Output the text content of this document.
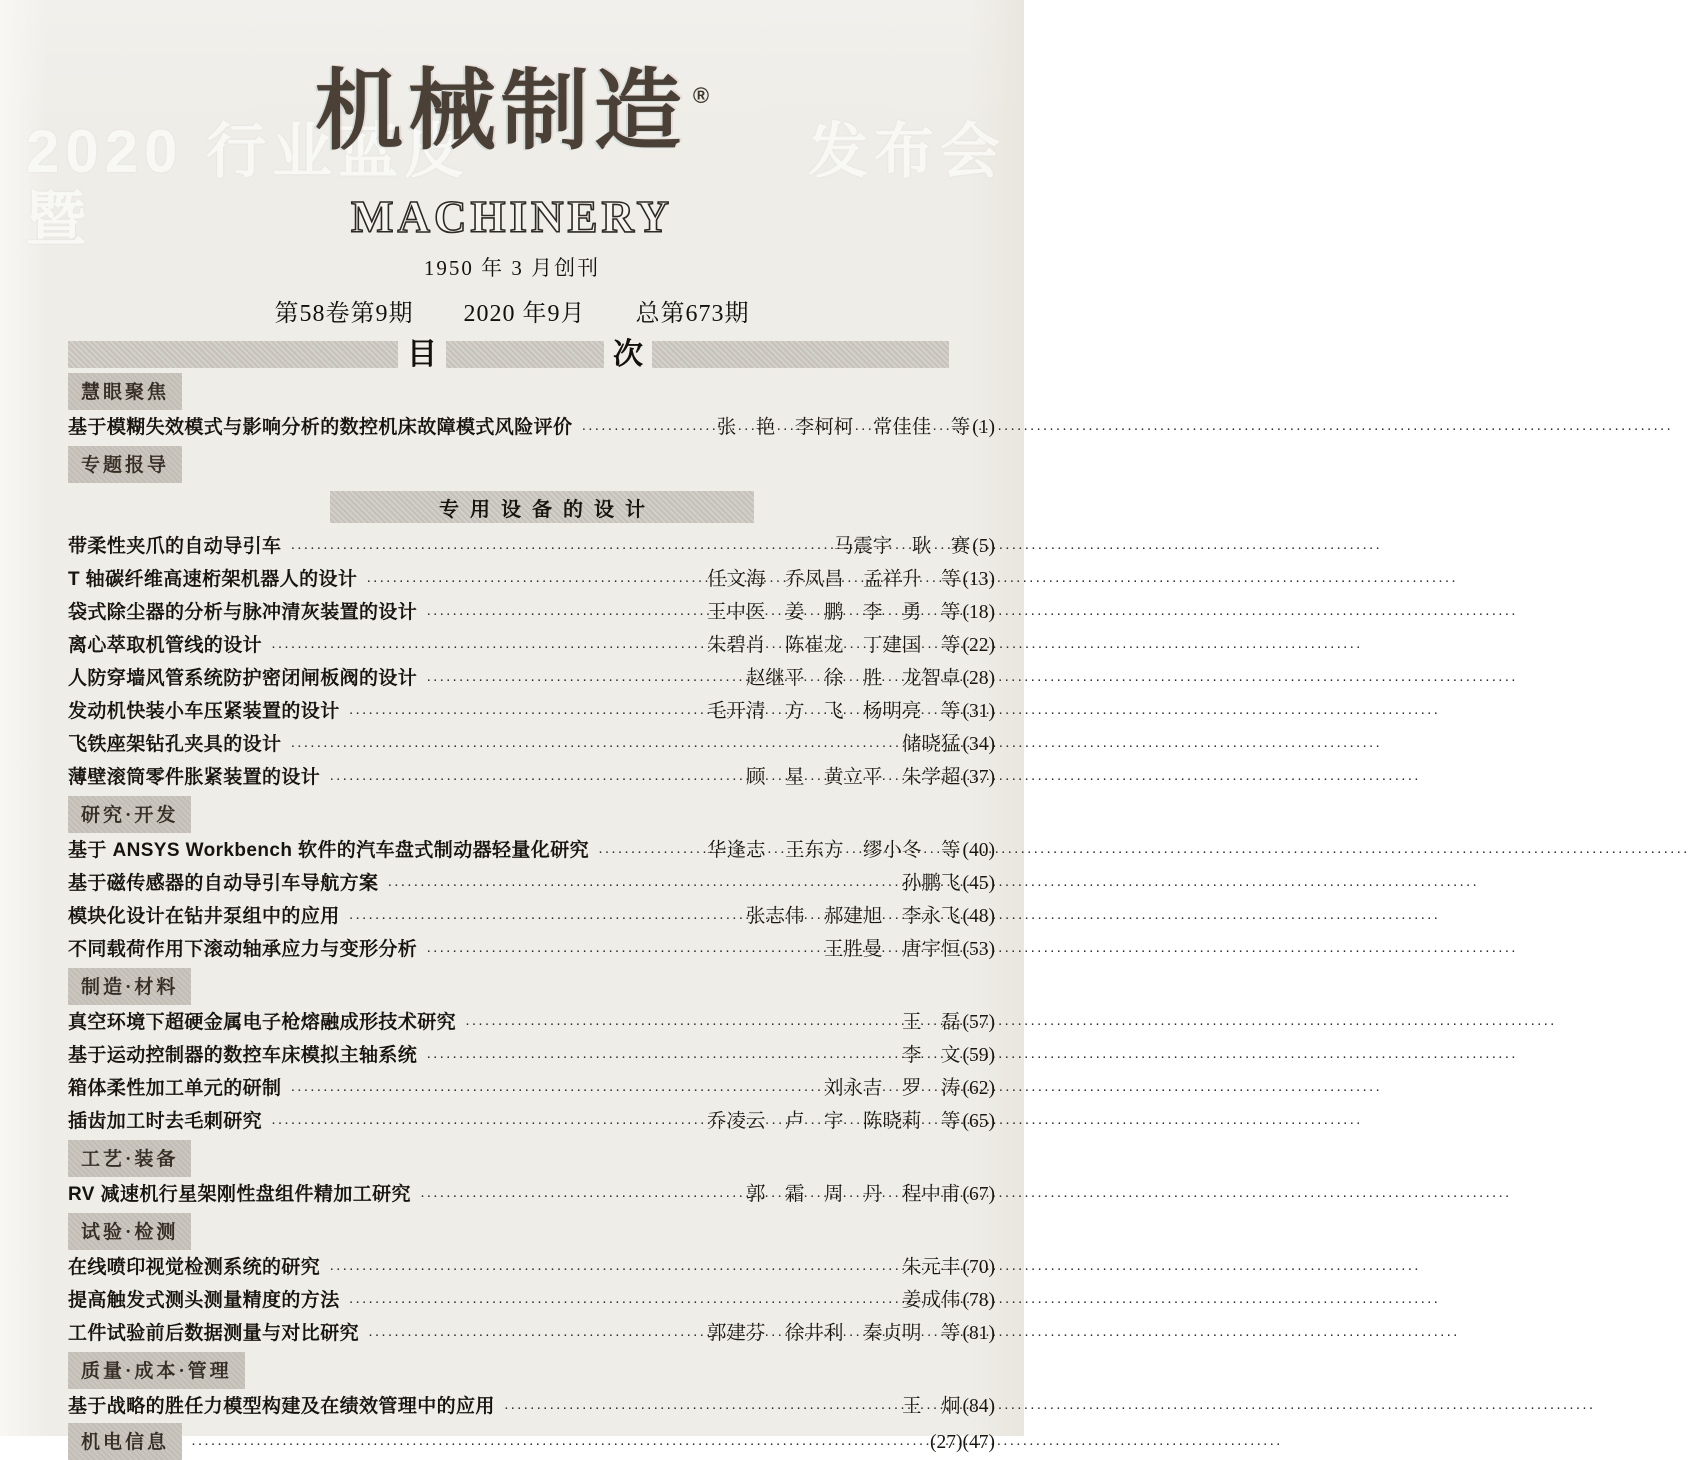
2020 行业蓝皮	发布会
暨
机械制造 ®
MACHINERY
1950 年 3 月创刊
第58卷第9期　　2020 年9月　　总第673期
目	次
慧眼聚焦
基于模糊失效模式与影响分析的数控机床故障模式风险评价 ·····	张　艳　李柯柯　常佳佳　等 (1)
专题报导
专用设备的设计
带柔性夹爪的自动导引车 ·····	马震宇　耿　赛 (5)
T 轴碳纤维高速桁架机器人的设计 ·····	任文海　乔凤昌　孟祥升　等 (13)
袋式除尘器的分析与脉冲清灰装置的设计 ·····	王中医　姜　鹏　李　勇　等 (18)
离心萃取机管线的设计 ·····	朱碧肖　陈崔龙　丁建国　等 (22)
人防穿墙风管系统防护密闭闸板阀的设计 ·····	赵继平　徐　胜　龙智卓 (28)
发动机快装小车压紧装置的设计 ·····	毛开清　方　飞　杨明亮　等 (31)
飞铁座架钻孔夹具的设计 ·····	储晓猛 (34)
薄壁滚筒零件胀紧装置的设计 ·····	顾　星　黄立平　朱学超 (37)
研究·开发
基于 ANSYS Workbench 软件的汽车盘式制动器轻量化研究 ·····	华逢志　王东方　缪小冬　等 (40)
基于磁传感器的自动导引车导航方案 ·····	孙鹏飞 (45)
模块化设计在钻井泵组中的应用 ·····	张志伟　郝建旭　李永飞 (48)
不同载荷作用下滚动轴承应力与变形分析 ·····	王胜曼　唐宇恒 (53)
制造·材料
真空环境下超硬金属电子枪熔融成形技术研究 ·····	王　磊 (57)
基于运动控制器的数控车床模拟主轴系统 ·····	李　文 (59)
箱体柔性加工单元的研制 ·····	刘永吉　罗　涛 (62)
插齿加工时去毛刺研究 ·····	乔凌云　卢　宇　陈晓莉　等 (65)
工艺·装备
RV 减速机行星架刚性盘组件精加工研究 ·····	郭　霜　周　丹　程中甫 (67)
试验·检测
在线喷印视觉检测系统的研究 ·····	朱元丰 (70)
提高触发式测头测量精度的方法 ·····	姜成伟 (78)
工件试验前后数据测量与对比研究 ·····	郭建芬　徐井利　秦贞明　等 (81)
质量·成本·管理
基于战略的胜任力模型构建及在绩效管理中的应用 ·····	王　炯 (84)
机电信息 ·····	(27)(47)
